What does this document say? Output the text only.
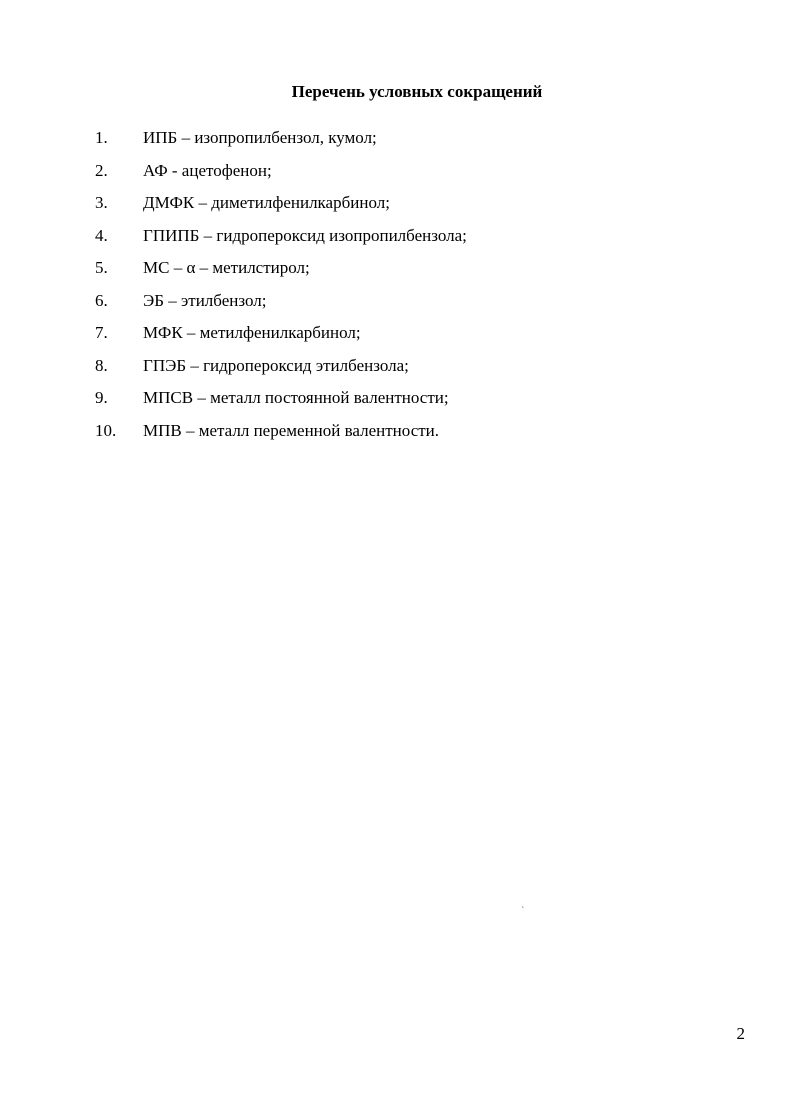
Перечень условных сокращений
1.	ИПБ – изопропилбензол, кумол;
2.	АФ - ацетофенон;
3.	ДМФК – диметилфенилкарбинол;
4.	ГПИПБ – гидропероксид изопропилбензола;
5.	МС – α – метилстирол;
6.	ЭБ – этилбензол;
7.	МФК – метилфенилкарбинол;
8.	ГПЭБ – гидропероксид этилбензола;
9.	МПСВ – металл постоянной валентности;
10.	МПВ – металл переменной валентности.
`
2
